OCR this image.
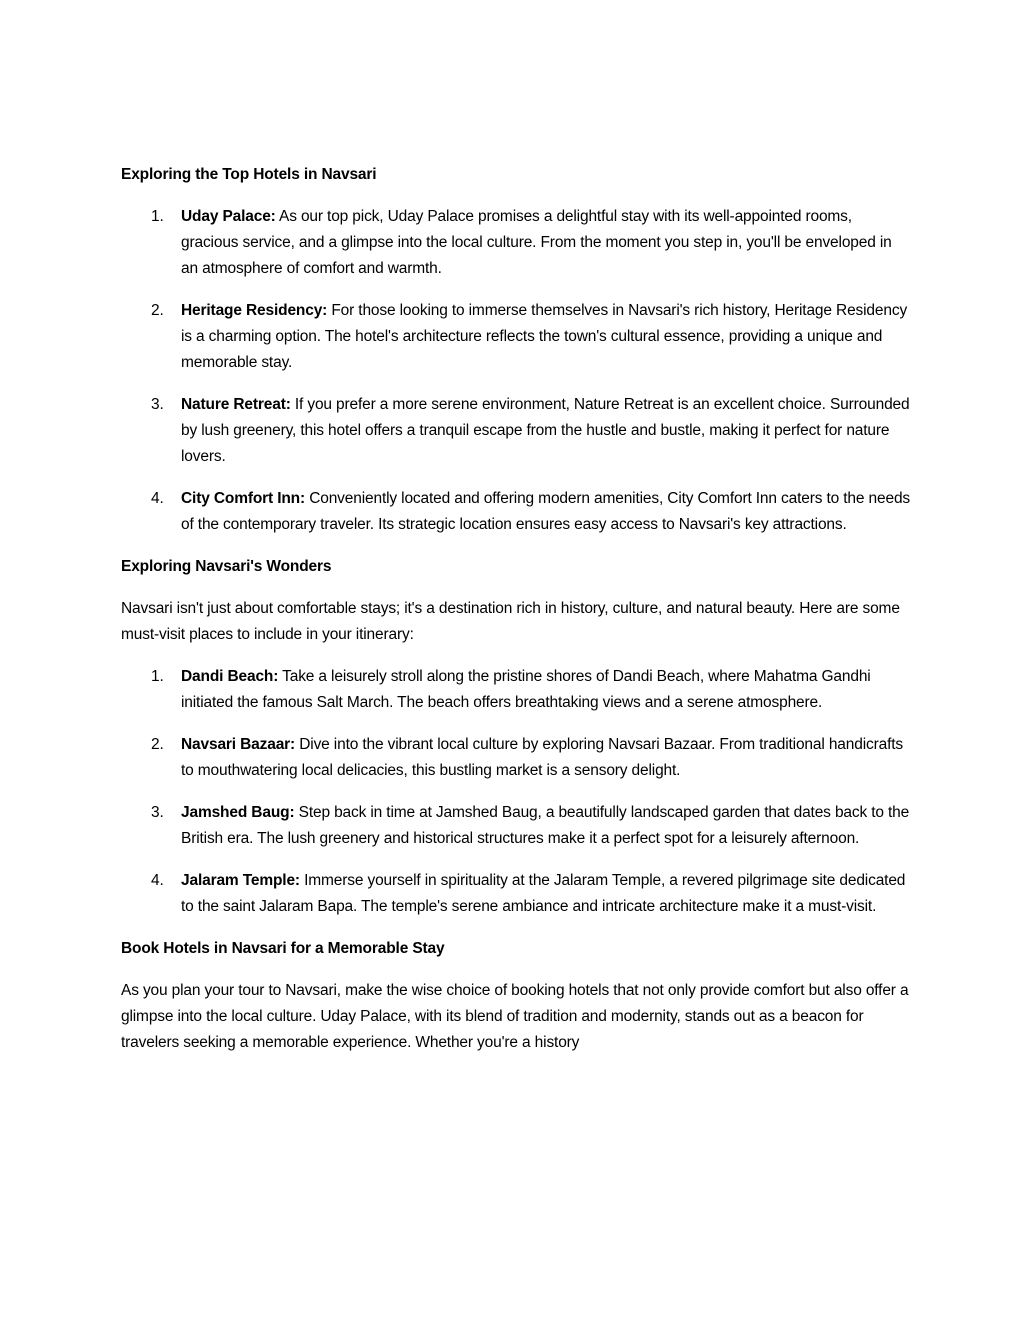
Exploring the Top Hotels in Navsari

1. Uday Palace: As our top pick, Uday Palace promises a delightful stay with its well-appointed rooms, gracious service, and a glimpse into the local culture. From the moment you step in, you'll be enveloped in an atmosphere of comfort and warmth.
2. Heritage Residency: For those looking to immerse themselves in Navsari's rich history, Heritage Residency is a charming option. The hotel's architecture reflects the town's cultural essence, providing a unique and memorable stay.
3. Nature Retreat: If you prefer a more serene environment, Nature Retreat is an excellent choice. Surrounded by lush greenery, this hotel offers a tranquil escape from the hustle and bustle, making it perfect for nature lovers.
4. City Comfort Inn: Conveniently located and offering modern amenities, City Comfort Inn caters to the needs of the contemporary traveler. Its strategic location ensures easy access to Navsari's key attractions.

Exploring Navsari's Wonders

Navsari isn't just about comfortable stays; it's a destination rich in history, culture, and natural beauty. Here are some must-visit places to include in your itinerary:

1. Dandi Beach: Take a leisurely stroll along the pristine shores of Dandi Beach, where Mahatma Gandhi initiated the famous Salt March. The beach offers breathtaking views and a serene atmosphere.
2. Navsari Bazaar: Dive into the vibrant local culture by exploring Navsari Bazaar. From traditional handicrafts to mouthwatering local delicacies, this bustling market is a sensory delight.
3. Jamshed Baug: Step back in time at Jamshed Baug, a beautifully landscaped garden that dates back to the British era. The lush greenery and historical structures make it a perfect spot for a leisurely afternoon.
4. Jalaram Temple: Immerse yourself in spirituality at the Jalaram Temple, a revered pilgrimage site dedicated to the saint Jalaram Bapa. The temple's serene ambiance and intricate architecture make it a must-visit.

Book Hotels in Navsari for a Memorable Stay

As you plan your tour to Navsari, make the wise choice of booking hotels that not only provide comfort but also offer a glimpse into the local culture. Uday Palace, with its blend of tradition and modernity, stands out as a beacon for travelers seeking a memorable experience. Whether you're a history
